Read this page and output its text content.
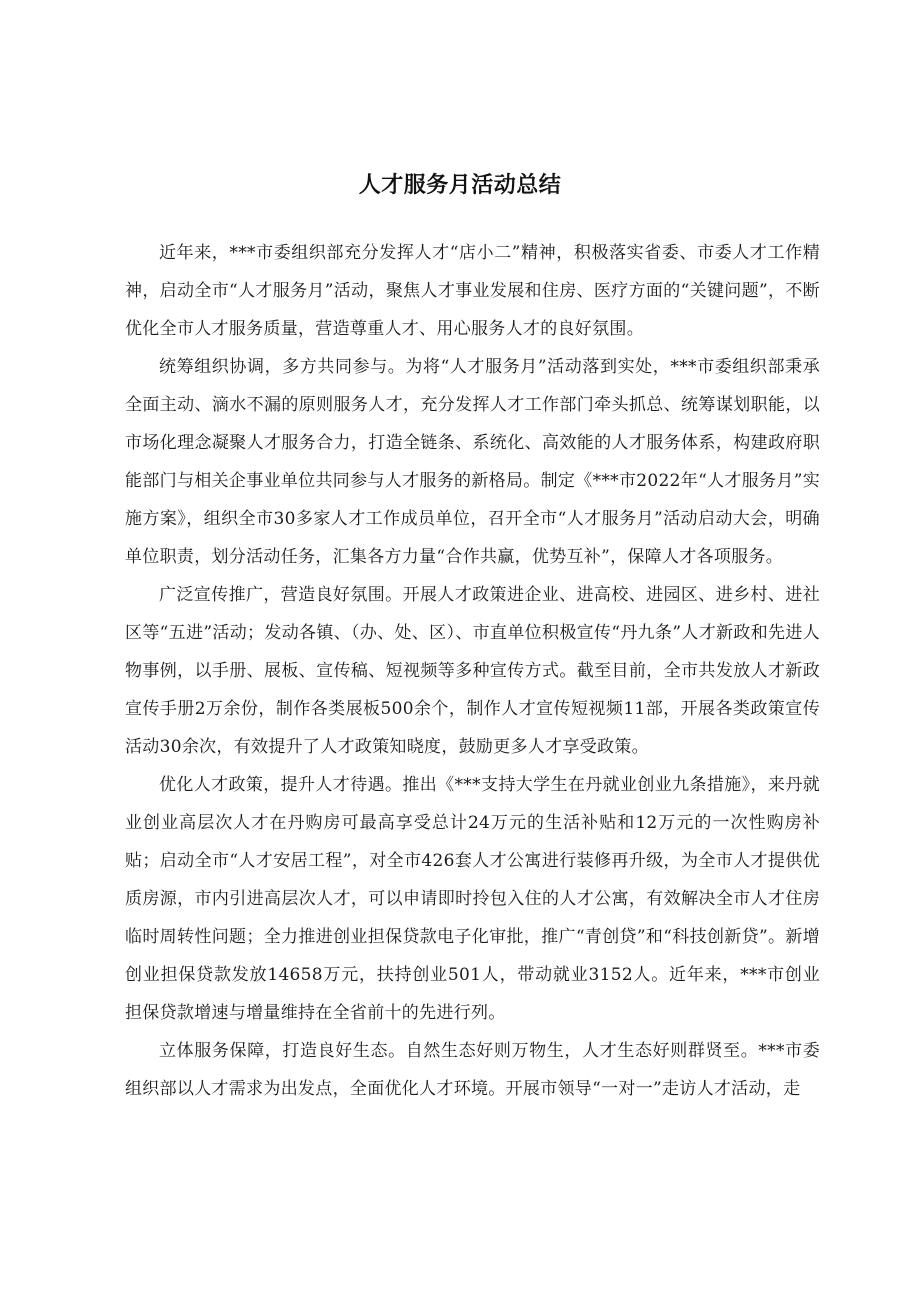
人才服务月活动总结

近年来，***市委组织部充分发挥人才“店小二”精神，积极落实省委、市委人才工作精神，启动全市“人才服务月”活动，聚焦人才事业发展和住房、医疗方面的“关键问题”，不断优化全市人才服务质量，营造尊重人才、用心服务人才的良好氛围。

统筹组织协调，多方共同参与。为将“人才服务月”活动落到实处，***市委组织部秉承全面主动、滴水不漏的原则服务人才，充分发挥人才工作部门牵头抓总、统筹谋划职能，以市场化理念凝聚人才服务合力，打造全链条、系统化、高效能的人才服务体系，构建政府职能部门与相关企事业单位共同参与人才服务的新格局。制定《***市2022年“人才服务月”实施方案》，组织全市30多家人才工作成员单位，召开全市“人才服务月”活动启动大会，明确单位职责，划分活动任务，汇集各方力量“合作共赢，优势互补”，保障人才各项服务。

广泛宣传推广，营造良好氛围。开展人才政策进企业、进高校、进园区、进乡村、进社区等“五进”活动；发动各镇、（办、处、区）、市直单位积极宣传“丹九条”人才新政和先进人物事例，以手册、展板、宣传稿、短视频等多种宣传方式。截至目前，全市共发放人才新政宣传手册2万余份，制作各类展板500余个，制作人才宣传短视频11部，开展各类政策宣传活动30余次，有效提升了人才政策知晓度，鼓励更多人才享受政策。

优化人才政策，提升人才待遇。推出《***支持大学生在丹就业创业九条措施》，来丹就业创业高层次人才在丹购房可最高享受总计24万元的生活补贴和12万元的一次性购房补贴；启动全市“人才安居工程”，对全市426套人才公寓进行装修再升级，为全市人才提供优质房源，市内引进高层次人才，可以申请即时拎包入住的人才公寓，有效解决全市人才住房临时周转性问题；全力推进创业担保贷款电子化审批，推广“青创贷”和“科技创新贷”。新增创业担保贷款发放14658万元，扶持创业501人，带动就业3152人。近年来，***市创业担保贷款增速与增量维持在全省前十的先进行列。

立体服务保障，打造良好生态。自然生态好则万物生，人才生态好则群贤至。***市委组织部以人才需求为出发点，全面优化人才环境。开展市领导“一对一”走访人才活动，走
